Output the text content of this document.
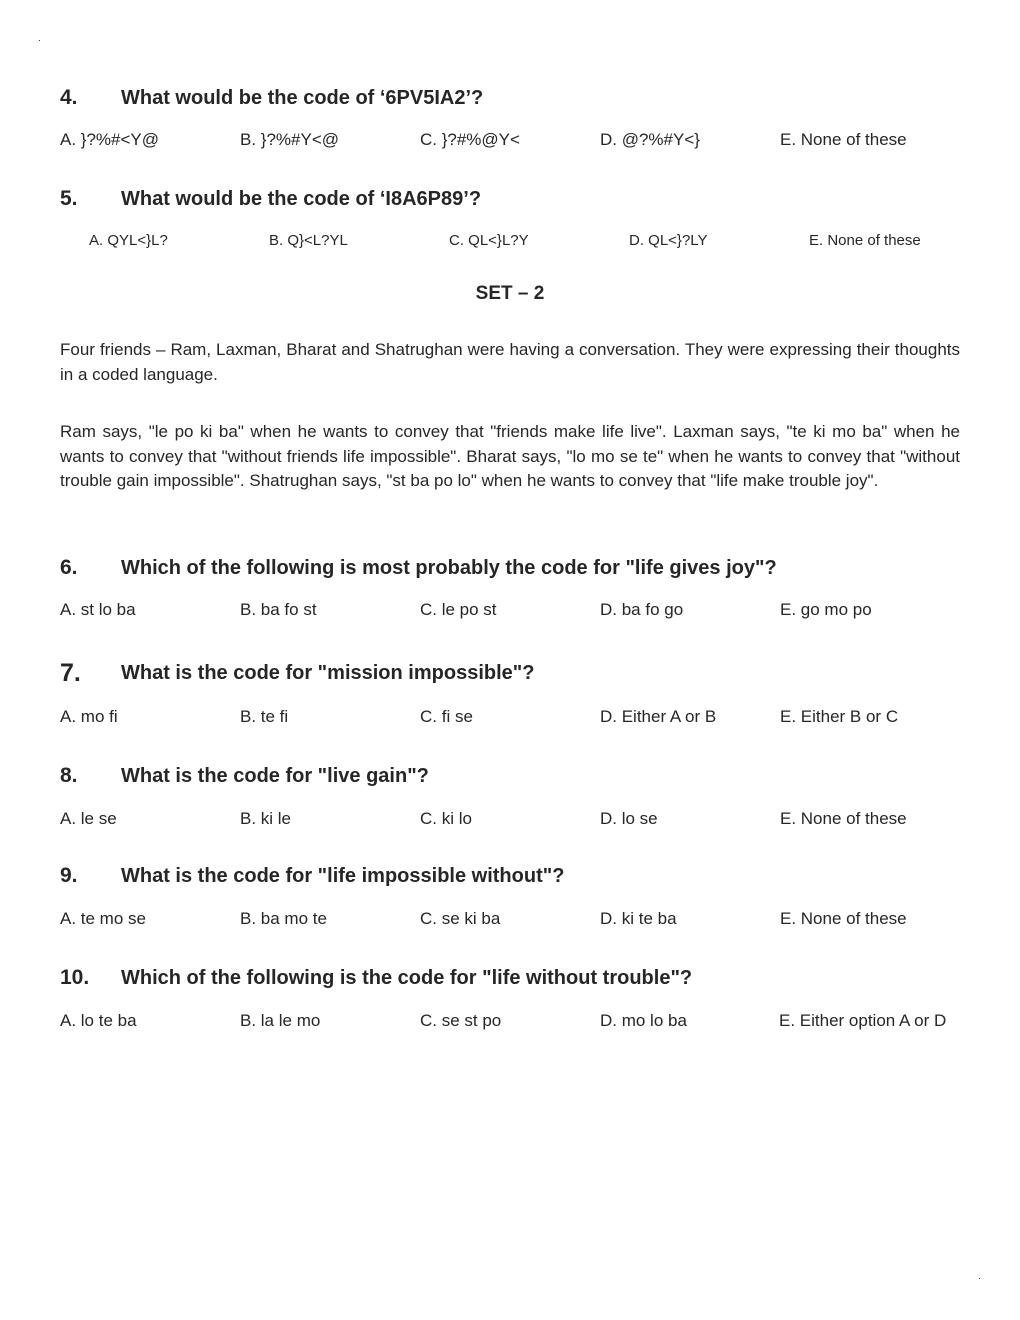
4. What would be the code of ‘6PV5IA2’?
A. }?%#<Y@	B. }?%#Y<@	C. }?#%@Y<	D. @?%#Y<}	E. None of these
5. What would be the code of ‘I8A6P89’?
A. QYL<}L?	B. Q}<L?YL	C. QL<}L?Y	D. QL<}?LY	E. None of these
SET – 2
Four friends – Ram, Laxman, Bharat and Shatrughan were having a conversation. They were expressing their thoughts in a coded language.
Ram says, "le po ki ba" when he wants to convey that "friends make life live". Laxman says, "te ki mo ba" when he wants to convey that "without friends life impossible". Bharat says, "lo mo se te" when he wants to convey that "without trouble gain impossible". Shatrughan says, "st ba po lo" when he wants to convey that "life make trouble joy".
6. Which of the following is most probably the code for "life gives joy"?
A. st lo ba	B. ba fo st	C. le po st	D. ba fo go	E. go mo po
7. What is the code for "mission impossible"?
A. mo fi	B. te fi	C. fi se	D. Either A or B	E. Either B or C
8. What is the code for "live gain"?
A. le se	B. ki le	C. ki lo	D. lo se	E. None of these
9. What is the code for "life impossible without"?
A. te mo se	B. ba mo te	C. se ki ba	D. ki te ba	E. None of these
10. Which of the following is the code for "life without trouble"?
A. lo te ba	B. la le mo	C. se st po	D. mo lo ba	E. Either option A or D
